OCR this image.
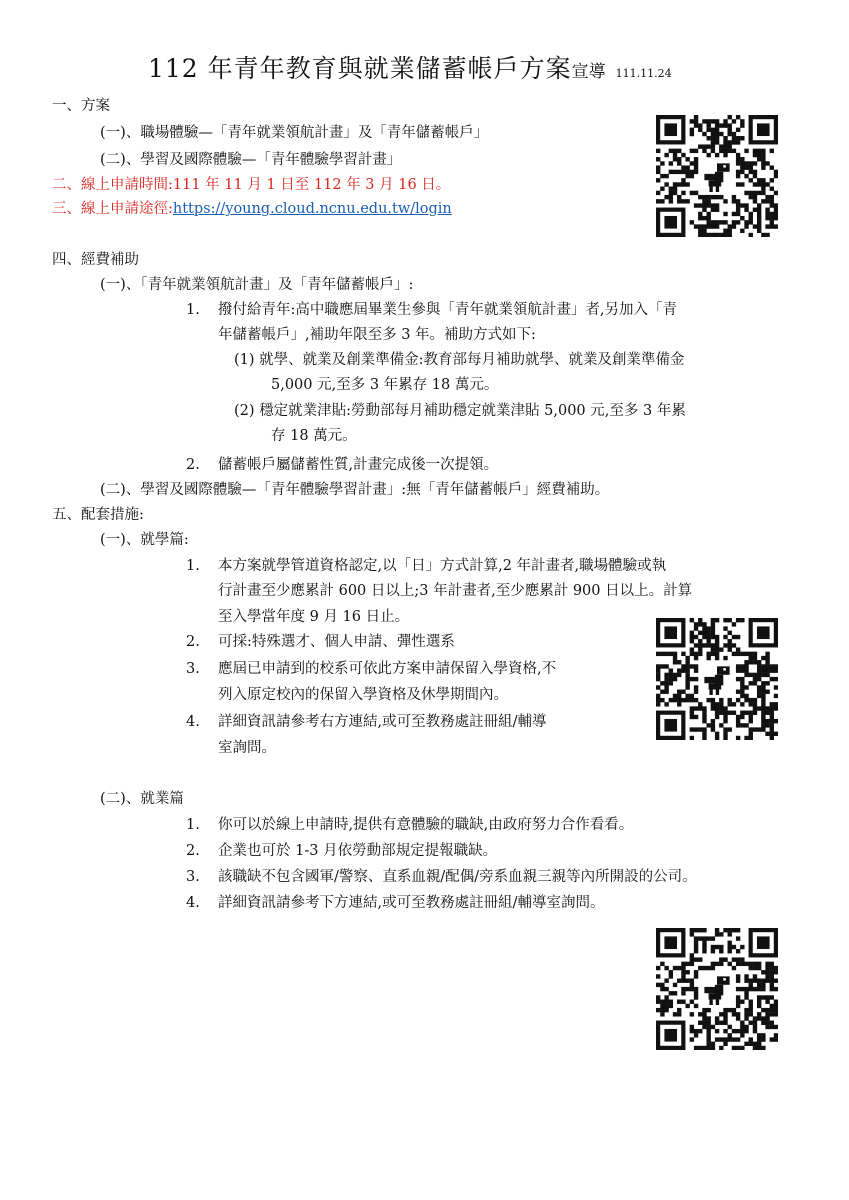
112 年青年教育與就業儲蓄帳戶方案宣導 111.11.24
一、方案
(一)、職場體驗—「青年就業領航計畫」及「青年儲蓄帳戶」
(二)、學習及國際體驗—「青年體驗學習計畫」
二、線上申請時間:111 年 11 月 1 日至 112 年 3 月 16 日。
三、線上申請途徑:https://young.cloud.ncnu.edu.tw/login
四、經費補助
(一)、「青年就業領航計畫」及「青年儲蓄帳戶」:
1. 撥付給青年:高中職應屆畢業生參與「青年就業領航計畫」者,另加入「青
年儲蓄帳戶」,補助年限至多 3 年。補助方式如下:
(1) 就學、就業及創業準備金:教育部每月補助就學、就業及創業準備金
5,000 元,至多 3 年累存 18 萬元。
(2) 穩定就業津貼:勞動部每月補助穩定就業津貼 5,000 元,至多 3 年累
存 18 萬元。
2. 儲蓄帳戶屬儲蓄性質,計畫完成後一次提領。
(二)、學習及國際體驗—「青年體驗學習計畫」:無「青年儲蓄帳戶」經費補助。
五、配套措施:
(一)、就學篇:
1. 本方案就學管道資格認定,以「日」方式計算,2 年計畫者,職場體驗或執
行計畫至少應累計 600 日以上;3 年計畫者,至少應累計 900 日以上。計算
至入學當年度 9 月 16 日止。
2. 可採:特殊選才、個人申請、彈性選系
3. 應屆已申請到的校系可依此方案申請保留入學資格,不
列入原定校內的保留入學資格及休學期間內。
4. 詳細資訊請參考右方連結,或可至教務處註冊組/輔導
室詢問。
(二)、就業篇
1. 你可以於線上申請時,提供有意體驗的職缺,由政府努力合作看看。
2. 企業也可於 1-3 月依勞動部規定提報職缺。
3. 該職缺不包含國軍/警察、直系血親/配偶/旁系血親三親等內所開設的公司。
4. 詳細資訊請參考下方連結,或可至教務處註冊組/輔導室詢問。
